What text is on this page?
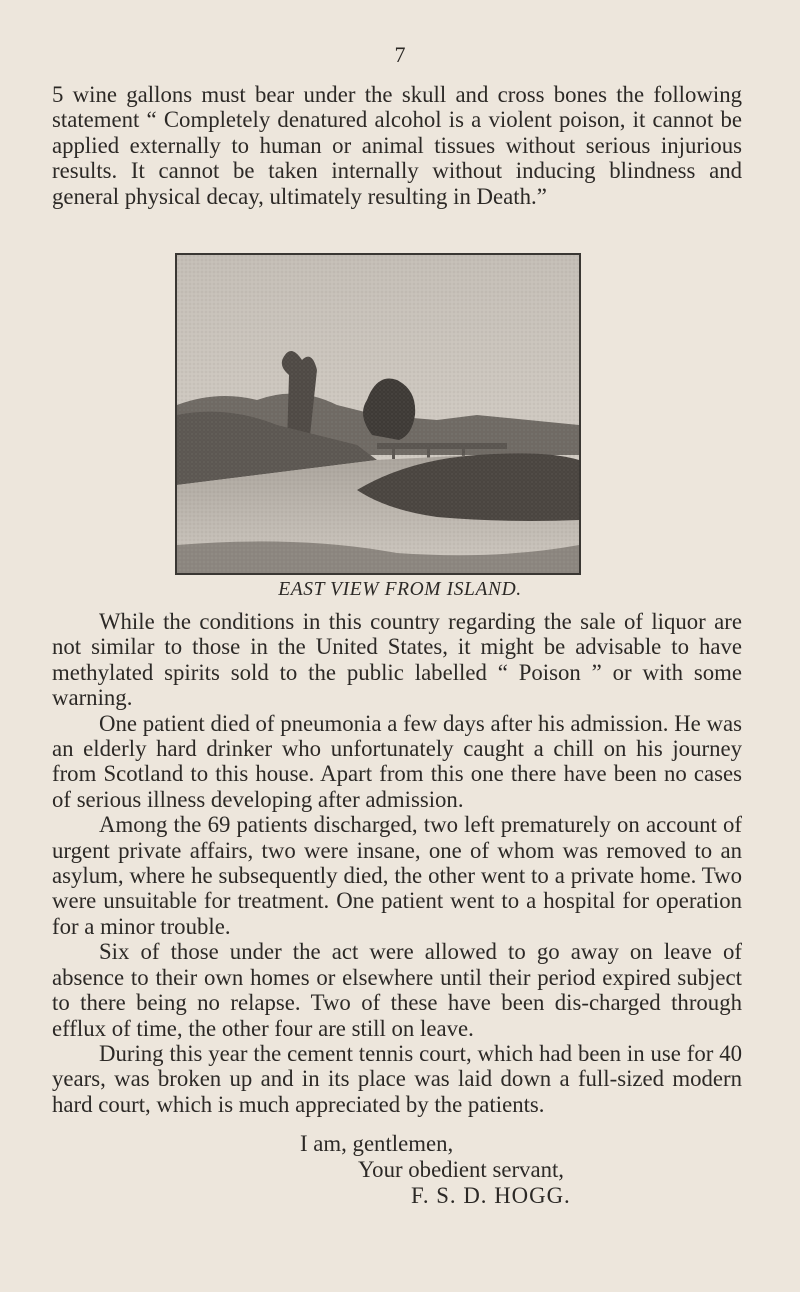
7

5 wine gallons must bear under the skull and cross bones the following statement “ Completely denatured alcohol is a violent poison, it cannot be applied externally to human or animal tissues without serious injurious results. It cannot be taken internally without inducing blindness and general physical decay, ultimately resulting in Death.”

EAST VIEW FROM ISLAND.

While the conditions in this country regarding the sale of liquor are not similar to those in the United States, it might be advisable to have methylated spirits sold to the public labelled “ Poison ” or with some warning.

One patient died of pneumonia a few days after his admission. He was an elderly hard drinker who unfortunately caught a chill on his journey from Scotland to this house. Apart from this one there have been no cases of serious illness developing after admission.

Among the 69 patients discharged, two left prematurely on account of urgent private affairs, two were insane, one of whom was removed to an asylum, where he subsequently died, the other went to a private home. Two were unsuitable for treatment. One patient went to a hospital for operation for a minor trouble.

Six of those under the act were allowed to go away on leave of absence to their own homes or elsewhere until their period expired subject to there being no relapse. Two of these have been dis-charged through efflux of time, the other four are still on leave.

During this year the cement tennis court, which had been in use for 40 years, was broken up and in its place was laid down a full-sized modern hard court, which is much appreciated by the patients.

I am, gentlemen,
Your obedient servant,
F. S. D. HOGG.
